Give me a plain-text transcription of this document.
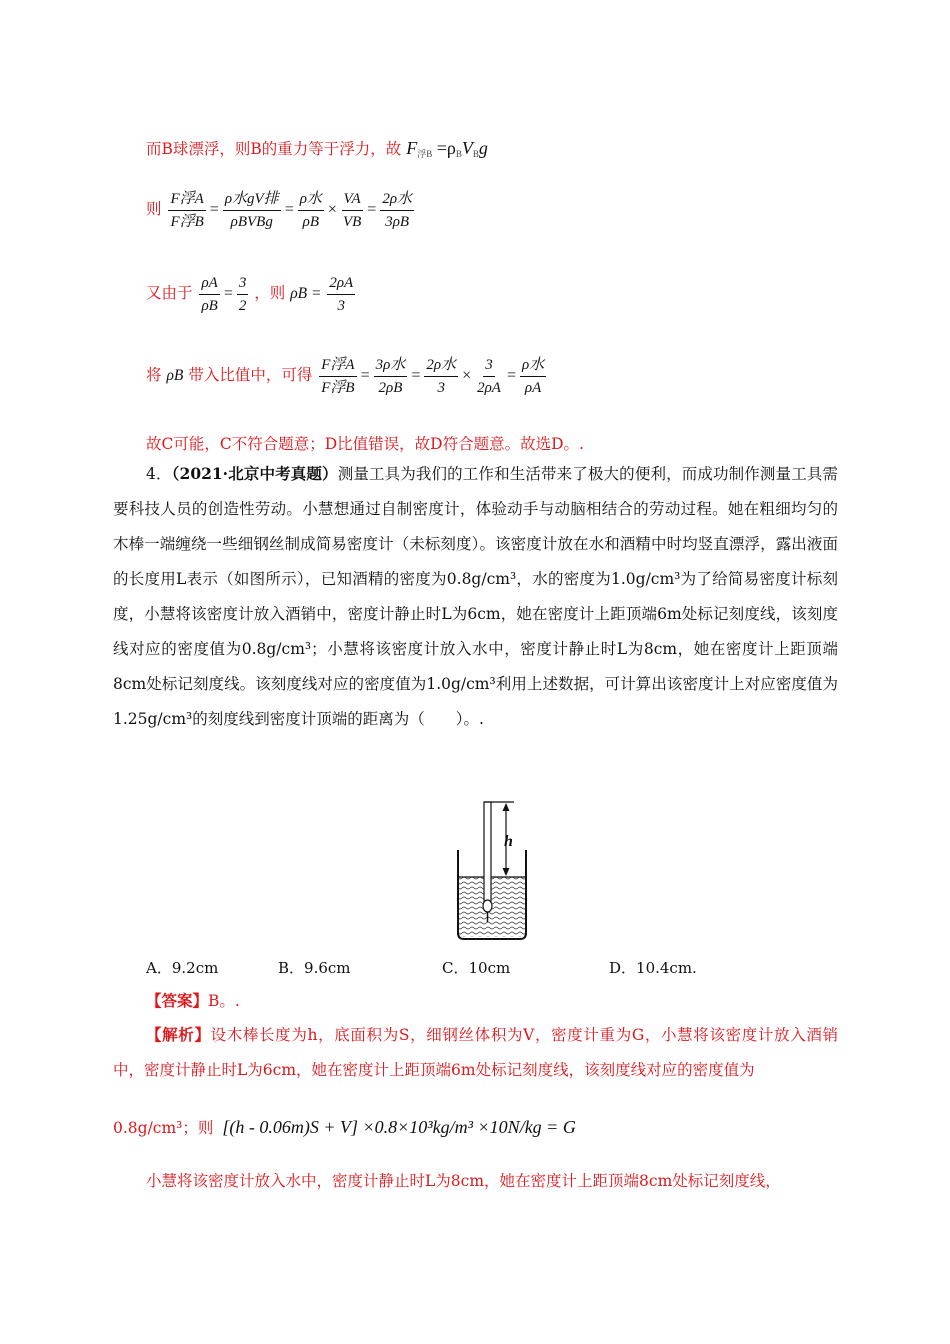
而B球漂浮，则B的重力等于浮力，故 $F_{浮B} =\rho_BV_Bg$
则 $\frac{\text{F浮A}}{\text{F浮B}} = \frac{\text{ρ水gV排}}{\text{ρBVBg}} = \frac{\text{ρ水}}{\rho B} \times \frac{VA}{VB} = \frac{\text{2ρ水}}{3\rho B}$
又由于 $\frac{\rho A}{\rho B} = \frac{3}{2}$ ，则 $\rho B = \frac{2\rho A}{3}$
将 ρB 带入比值中，可得 $\frac{\text{F浮A}}{\text{F浮B}} = \frac{\text{3ρ水}}{2\rho B} = \frac{\text{2ρ水}}{3} \times \frac{3}{2\rho A} = \frac{\text{ρ水}}{\rho A}$
故C可能，C不符合题意；D比值错误，故D符合题意。故选D。.
4．（2021·北京中考真题）测量工具为我们的工作和生活带来了极大的便利，而成功制作测量工具需要科技人员的创造性劳动。小慧想通过自制密度计，体验动手与动脑相结合的劳动过程。她在粗细均匀的木棒一端缠绕一些细钢丝制成简易密度计（未标刻度）。该密度计放在水和酒精中时均竖直漂浮，露出液面的长度用L表示（如图所示），已知酒精的密度为0.8g/cm³，水的密度为1.0g/cm³为了给简易密度计标刻度，小慧将该密度计放入酒销中，密度计静止时L为6cm，她在密度计上距顶端6m处标记刻度线，该刻度线对应的密度值为0.8g/cm³；小慧将该密度计放入水中，密度计静止时L为8cm，她在密度计上距顶端8cm处标记刻度线。该刻度线对应的密度值为1.0g/cm³利用上述数据，可计算出该密度计上对应密度值为1.25g/cm³的刻度线到密度计顶端的距离为（　　）。.
h
A．9.2cm	B．9.6cm	C．10cm	D．10.4cm.
【答案】B。.
【解析】设木棒长度为h，底面积为S，细钢丝体积为V，密度计重为G，小慧将该密度计放入酒销中，密度计静止时L为6cm，她在密度计上距顶端6m处标记刻度线，该刻度线对应的密度值为
0.8g/cm³；则 [(h - 0.06m)S + V] ×0.8×10³kg/m³ ×10N/kg = G
小慧将该密度计放入水中，密度计静止时L为8cm，她在密度计上距顶端8cm处标记刻度线，
